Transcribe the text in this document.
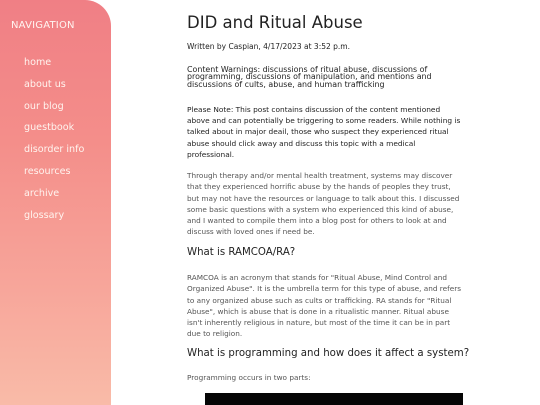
NAVIGATION
home
about us
our blog
guestbook
disorder info
resources
archive
glossary
DID and Ritual Abuse
Written by Caspian, 4/17/2023 at 3:52 p.m.
Content Warnings: discussions of ritual abuse, discussions of programming, discussions of manipulation, and mentions and discussions of cults, abuse, and human trafficking
Please Note: This post contains discussion of the content mentioned above and can potentially be triggering to some readers. While nothing is talked about in major deail, those who suspect they experienced ritual abuse should click away and discuss this topic with a medical professional.
Through therapy and/or mental health treatment, systems may discover that they experienced horrific abuse by the hands of peoples they trust, but may not have the resources or language to talk about this. I discussed some basic questions with a system who experienced this kind of abuse, and I wanted to compile them into a blog post for others to look at and discuss with loved ones if need be.
What is RAMCOA/RA?
RAMCOA is an acronym that stands for "Ritual Abuse, Mind Control and Organized Abuse". It is the umbrella term for this type of abuse, and refers to any organized abuse such as cults or trafficking. RA stands for "Ritual Abuse", which is abuse that is done in a ritualistic manner. Ritual abuse isn't inherently religious in nature, but most of the time it can be in part due to religion.
What is programming and how does it affect a system?
Programming occurs in two parts:
